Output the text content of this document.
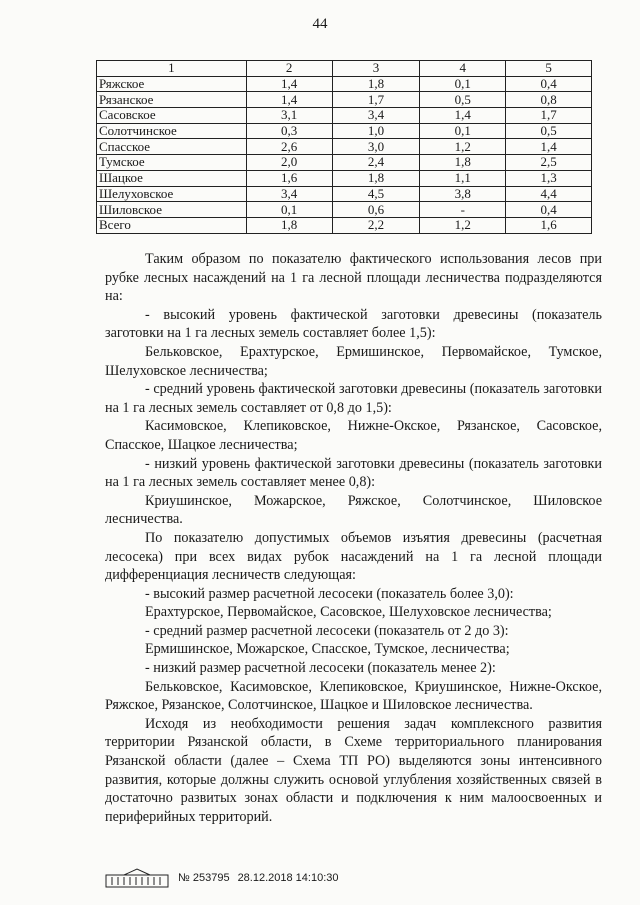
44
1	2	3	4	5
Ряжское	1,4	1,8	0,1	0,4
Рязанское	1,4	1,7	0,5	0,8
Сасовское	3,1	3,4	1,4	1,7
Солотчинское	0,3	1,0	0,1	0,5
Спасское	2,6	3,0	1,2	1,4
Тумское	2,0	2,4	1,8	2,5
Шацкое	1,6	1,8	1,1	1,3
Шелуховское	3,4	4,5	3,8	4,4
Шиловское	0,1	0,6	-	0,4
Всего	1,8	2,2	1,2	1,6

Таким образом по показателю фактического использования лесов при рубке лесных насаждений на 1 га лесной площади лесничества подразделяются на:

- высокий уровень фактической заготовки древесины (показатель заготовки на 1 га лесных земель составляет более 1,5):

Бельковское, Ерахтурское, Ермишинское, Первомайское, Тумское, Шелуховское лесничества;

- средний уровень фактической заготовки древесины (показатель заготовки на 1 га лесных земель составляет от 0,8 до 1,5):

Касимовское, Клепиковское, Нижне-Окское, Рязанское, Сасовское, Спасское, Шацкое лесничества;

- низкий уровень фактической заготовки древесины (показатель заготовки на 1 га лесных земель составляет менее 0,8):

Криушинское, Можарское, Ряжское, Солотчинское, Шиловское лесничества.

По показателю допустимых объемов изъятия древесины (расчетная лесосека) при всех видах рубок насаждений на 1 га лесной площади дифференциация лесничеств следующая:

- высокий размер расчетной лесосеки (показатель более 3,0):

Ерахтурское, Первомайское, Сасовское, Шелуховское лесничества;

- средний размер расчетной лесосеки (показатель от 2 до 3):

Ермишинское, Можарское, Спасское, Тумское, лесничества;

- низкий размер расчетной лесосеки (показатель менее 2):

Бельковское, Касимовское, Клепиковское, Криушинское, Нижне-Окское, Ряжское, Рязанское, Солотчинское, Шацкое и Шиловское лесничества.

Исходя из необходимости решения задач комплексного развития территории Рязанской области, в Схеме территориального планирования Рязанской области (далее – Схема ТП РО) выделяются зоны интенсивного развития, которые должны служить основой углубления хозяйственных связей в достаточно развитых зонах области и подключения к ним малоосвоенных и периферийных территорий.

№ 253795 28.12.2018 14:10:30
